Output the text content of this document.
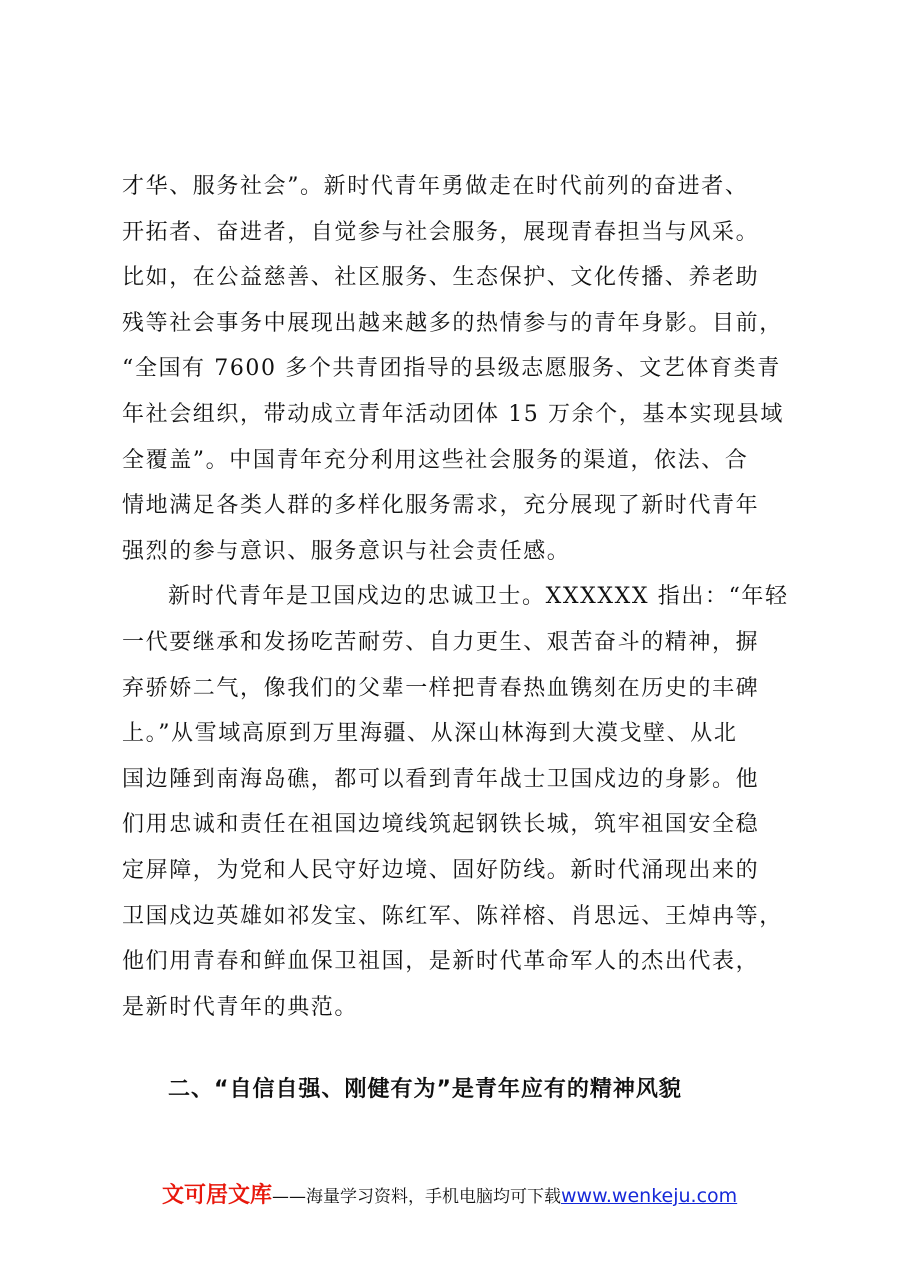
才华、服务社会”。新时代青年勇做走在时代前列的奋进者、
开拓者、奋进者，自觉参与社会服务，展现青春担当与风采。
比如，在公益慈善、社区服务、生态保护、文化传播、养老助
残等社会事务中展现出越来越多的热情参与的青年身影。目前，
“全国有 7600 多个共青团指导的县级志愿服务、文艺体育类青
年社会组织，带动成立青年活动团体 15 万余个，基本实现县域
全覆盖”。中国青年充分利用这些社会服务的渠道，依法、合
情地满足各类人群的多样化服务需求，充分展现了新时代青年
强烈的参与意识、服务意识与社会责任感。
新时代青年是卫国戍边的忠诚卫士。XXXXXX 指出：“年轻
一代要继承和发扬吃苦耐劳、自力更生、艰苦奋斗的精神，摒
弃骄娇二气，像我们的父辈一样把青春热血镌刻在历史的丰碑
上。”从雪域高原到万里海疆、从深山林海到大漠戈壁、从北
国边陲到南海岛礁，都可以看到青年战士卫国戍边的身影。他
们用忠诚和责任在祖国边境线筑起钢铁长城，筑牢祖国安全稳
定屏障，为党和人民守好边境、固好防线。新时代涌现出来的
卫国戍边英雄如祁发宝、陈红军、陈祥榕、肖思远、王焯冉等，
他们用青春和鲜血保卫祖国，是新时代革命军人的杰出代表，
是新时代青年的典范。
二、“自信自强、刚健有为”是青年应有的精神风貌
文可居文库——海量学习资料，手机电脑均可下载www.wenkeju.com
